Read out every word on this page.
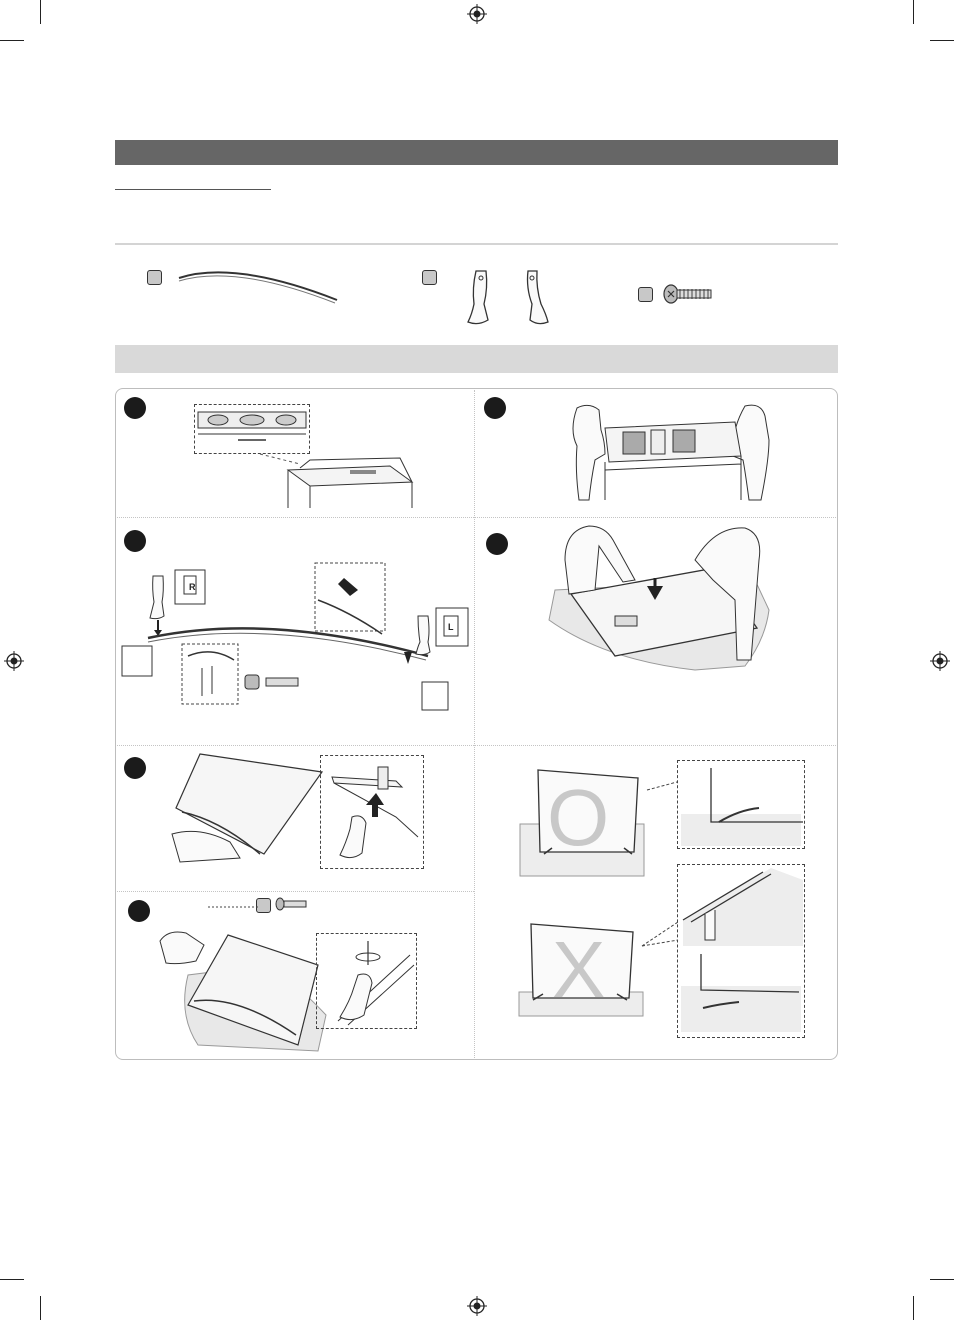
R
L
O
X
